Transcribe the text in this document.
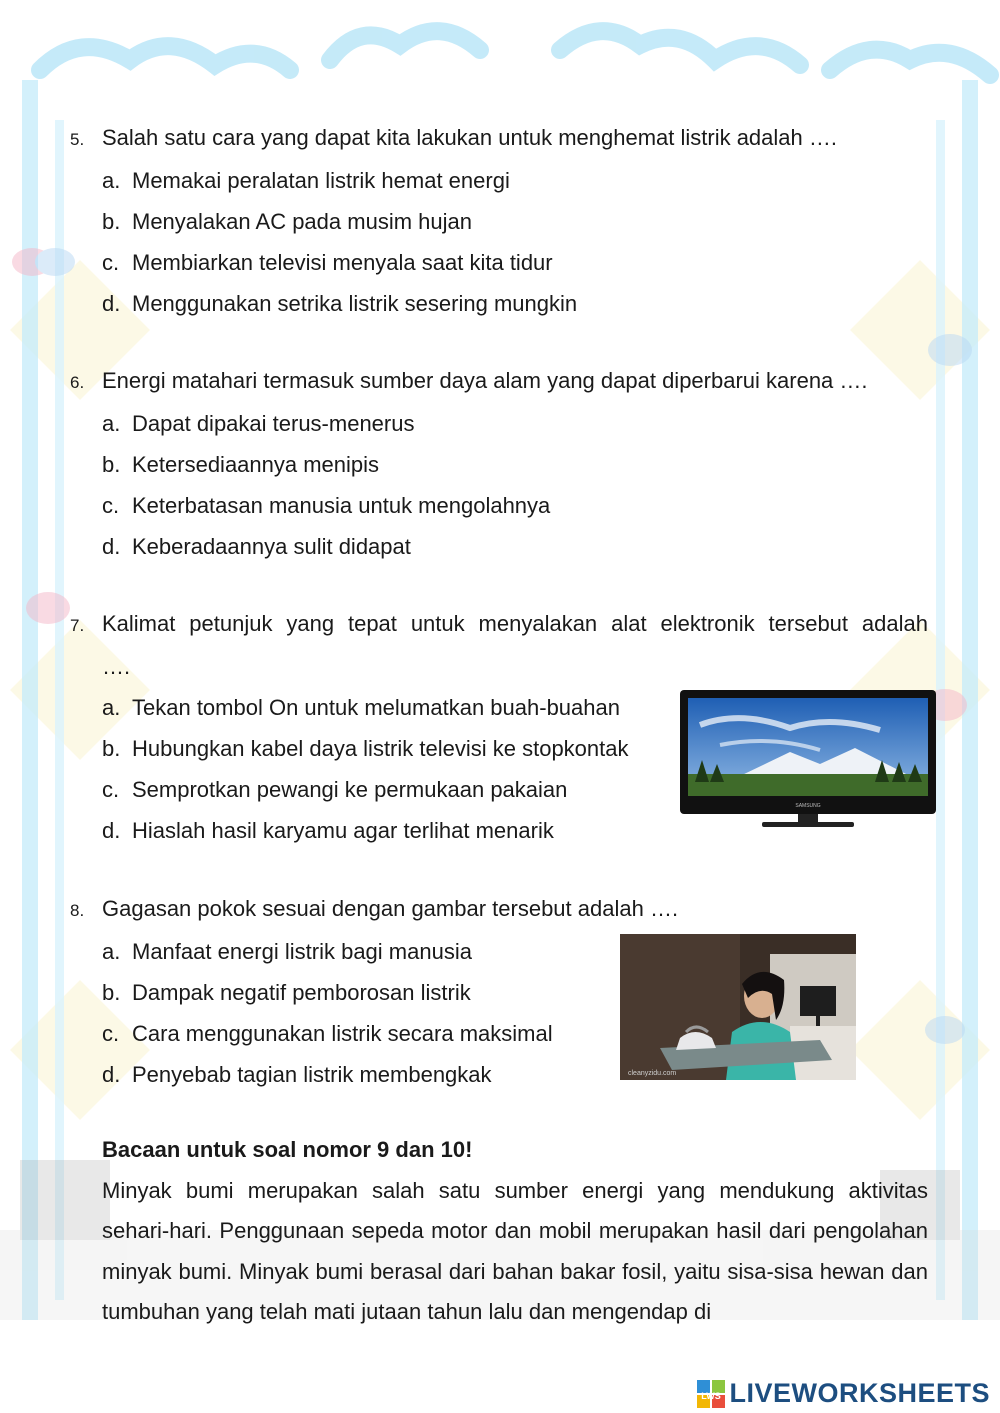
5. Salah satu cara yang dapat kita lakukan untuk menghemat listrik adalah ….
a. Memakai peralatan listrik hemat energi
b. Menyalakan AC pada musim hujan
c. Membiarkan televisi menyala saat kita tidur
d. Menggunakan setrika listrik sesering mungkin
6. Energi matahari termasuk sumber daya alam yang dapat diperbarui karena ….
a. Dapat dipakai terus-menerus
b. Ketersediaannya menipis
c. Keterbatasan manusia untuk mengolahnya
d. Keberadaannya sulit didapat
7. Kalimat petunjuk yang tepat untuk menyalakan alat elektronik tersebut adalah
….
a. Tekan tombol On untuk melumatkan buah-buahan
b. Hubungkan kabel daya listrik televisi ke stopkontak
c. Semprotkan pewangi ke permukaan pakaian
d. Hiaslah hasil karyamu agar terlihat menarik
SAMSUNG
8. Gagasan pokok sesuai dengan gambar tersebut adalah ….
a. Manfaat energi listrik bagi manusia
b. Dampak negatif pemborosan listrik
c. Cara menggunakan listrik secara maksimal
d. Penyebab tagian listrik membengkak	cleanyzidu.com
Bacaan untuk soal nomor 9 dan 10!

Minyak bumi merupakan salah satu sumber energi yang mendukung aktivitas sehari-hari. Penggunaan sepeda motor dan mobil merupakan hasil dari pengolahan minyak bumi. Minyak bumi berasal dari bahan bakar fosil, yaitu sisa-sisa hewan dan tumbuhan yang telah mati jutaan tahun lalu dan mengendap di

LWS LIVEWORKSHEETS
